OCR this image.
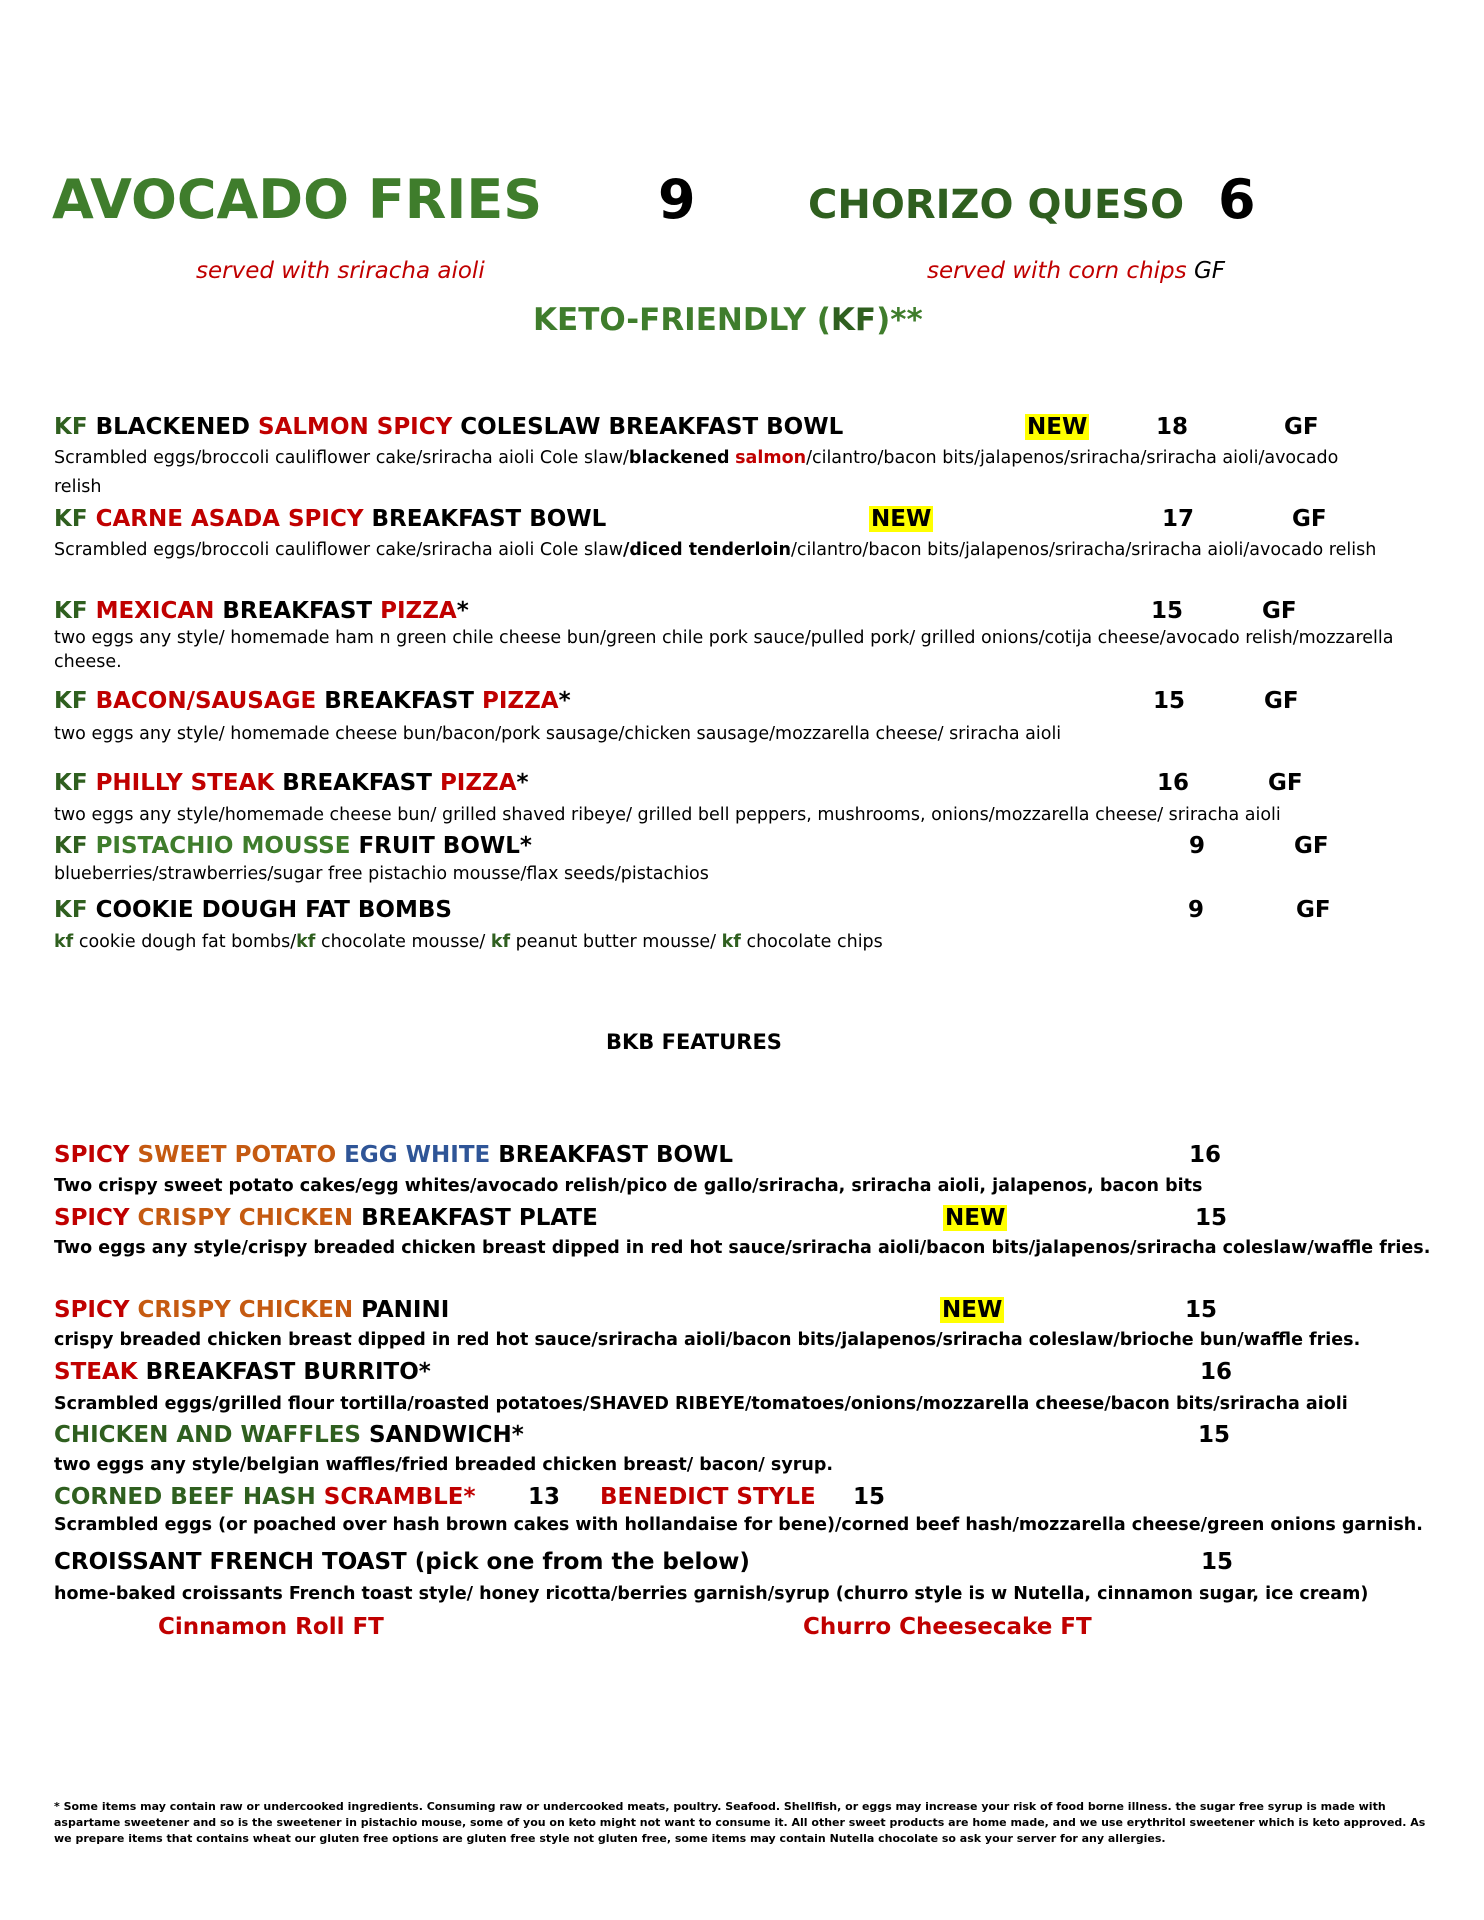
AVOCADO FRIES 9	CHORIZO QUESO 6
served with sriracha aioli	served with corn chips GF
KETO-FRIENDLY (KF)**
KF BLACKENED SALMON SPICY COLESLAW BREAKFAST BOWL	NEW	18	GF
Scrambled eggs/broccoli cauliflower cake/sriracha aioli Cole slaw/blackened salmon/cilantro/bacon bits/jalapenos/sriracha/sriracha aioli/avocado relish
KF CARNE ASADA SPICY BREAKFAST BOWL	NEW	17	GF
Scrambled eggs/broccoli cauliflower cake/sriracha aioli Cole slaw/diced tenderloin/cilantro/bacon bits/jalapenos/sriracha/sriracha aioli/avocado relish
KF MEXICAN BREAKFAST PIZZA*	15	GF
two eggs any style/ homemade ham n green chile cheese bun/green chile pork sauce/pulled pork/ grilled onions/cotija cheese/avocado relish/mozzarella cheese.
KF BACON/SAUSAGE BREAKFAST PIZZA*	15	GF
two eggs any style/ homemade cheese bun/bacon/pork sausage/chicken sausage/mozzarella cheese/ sriracha aioli
KF PHILLY STEAK BREAKFAST PIZZA*	16	GF
two eggs any style/homemade cheese bun/ grilled shaved ribeye/ grilled bell peppers, mushrooms, onions/mozzarella cheese/ sriracha aioli
KF PISTACHIO MOUSSE FRUIT BOWL*	9	GF
blueberries/strawberries/sugar free pistachio mousse/flax seeds/pistachios
KF COOKIE DOUGH FAT BOMBS	9	GF
kf cookie dough fat bombs/kf chocolate mousse/ kf peanut butter mousse/ kf chocolate chips
BKB FEATURES
SPICY SWEET POTATO EGG WHITE BREAKFAST BOWL	16
Two crispy sweet potato cakes/egg whites/avocado relish/pico de gallo/sriracha, sriracha aioli, jalapenos, bacon bits
SPICY CRISPY CHICKEN BREAKFAST PLATE	NEW	15
Two eggs any style/crispy breaded chicken breast dipped in red hot sauce/sriracha aioli/bacon bits/jalapenos/sriracha coleslaw/waffle fries.
SPICY CRISPY CHICKEN PANINI	NEW	15
crispy breaded chicken breast dipped in red hot sauce/sriracha aioli/bacon bits/jalapenos/sriracha coleslaw/brioche bun/waffle fries.
STEAK BREAKFAST BURRITO*	16
Scrambled eggs/grilled flour tortilla/roasted potatoes/SHAVED RIBEYE/tomatoes/onions/mozzarella cheese/bacon bits/sriracha aioli
CHICKEN AND WAFFLES SANDWICH*	15
two eggs any style/belgian waffles/fried breaded chicken breast/ bacon/ syrup.
CORNED BEEF HASH SCRAMBLE* 13 BENEDICT STYLE 15
Scrambled eggs (or poached over hash brown cakes with hollandaise for bene)/corned beef hash/mozzarella cheese/green onions garnish.
CROISSANT FRENCH TOAST (pick one from the below)	15
home-baked croissants French toast style/ honey ricotta/berries garnish/syrup (churro style is w Nutella, cinnamon sugar, ice cream)
Cinnamon Roll FT	Churro Cheesecake FT
* Some items may contain raw or undercooked ingredients. Consuming raw or undercooked meats, poultry. Seafood. Shellfish, or eggs may increase your risk of food borne illness. the sugar free syrup is made with aspartame sweetener and so is the sweetener in pistachio mouse, some of you on keto might not want to consume it. All other sweet products are home made, and we use erythritol sweetener which is keto approved. As we prepare items that contains wheat our gluten free options are gluten free style not gluten free, some items may contain Nutella chocolate so ask your server for any allergies.
